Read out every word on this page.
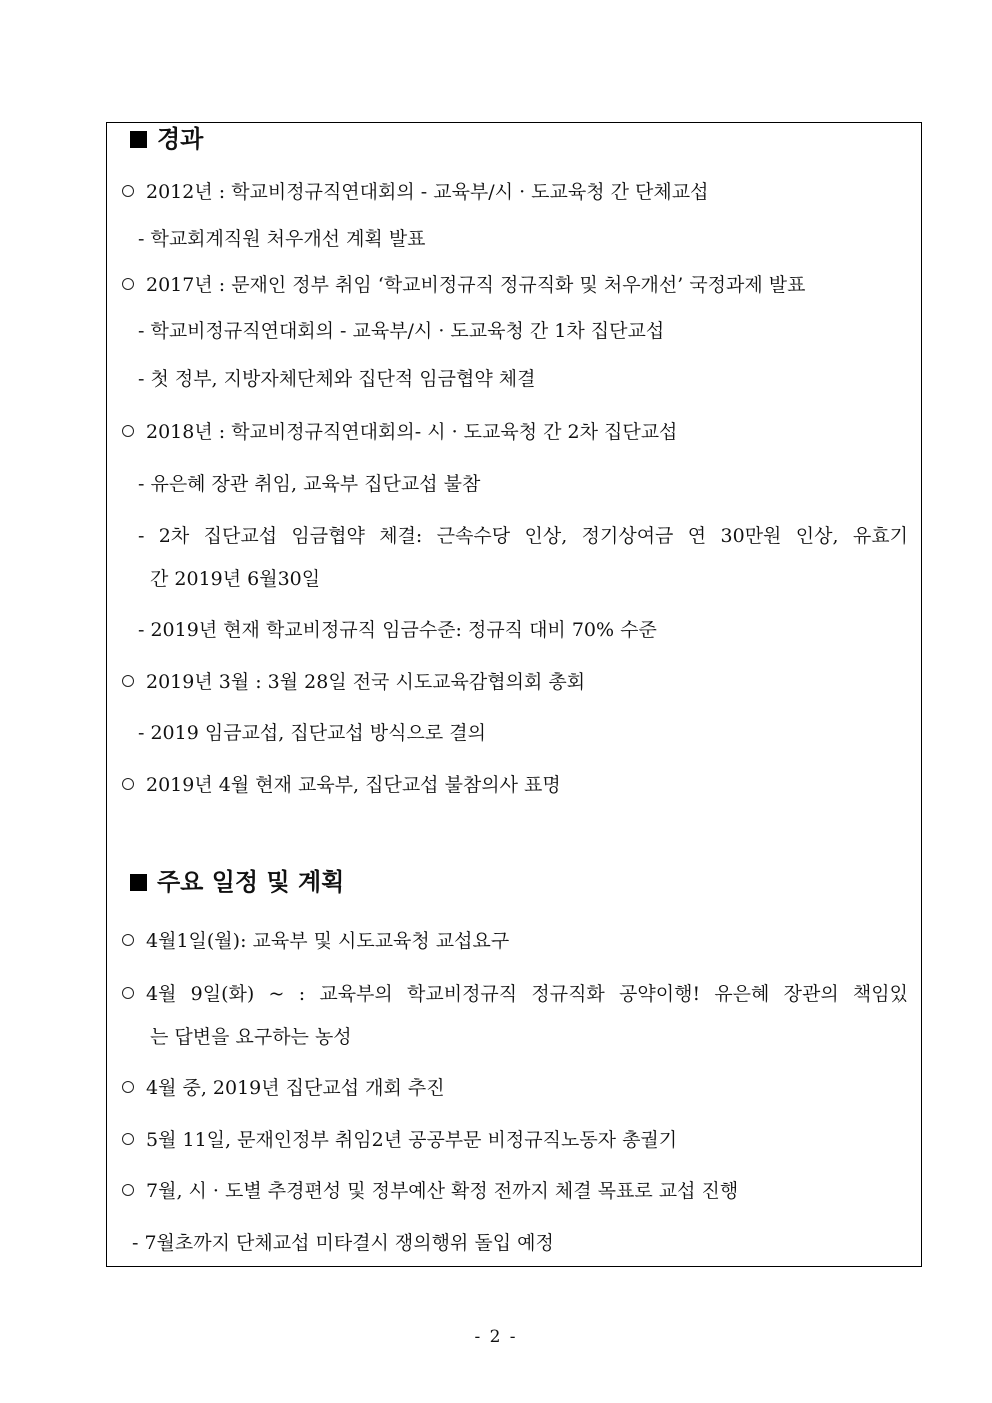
경과
2012년 : 학교비정규직연대회의 - 교육부/시 · 도교육청 간 단체교섭
- 학교회계직원 처우개선 계획 발표
2017년 : 문재인 정부 취임 ‘학교비정규직 정규직화 및 처우개선’ 국정과제 발표
- 학교비정규직연대회의 - 교육부/시 · 도교육청 간 1차 집단교섭
- 첫 정부, 지방자체단체와 집단적 임금협약 체결
2018년 : 학교비정규직연대회의- 시 · 도교육청 간 2차 집단교섭
- 유은혜 장관 취임, 교육부 집단교섭 불참
- 2차 집단교섭 임금협약 체결: 근속수당 인상, 정기상여금 연 30만원 인상, 유효기
간 2019년 6월30일
- 2019년 현재 학교비정규직 임금수준: 정규직 대비 70% 수준
2019년 3월 : 3월 28일 전국 시도교육감협의회 총회
- 2019 임금교섭, 집단교섭 방식으로 결의
2019년 4월 현재 교육부, 집단교섭 불참의사 표명
주요 일정 및 계획
4월1일(월): 교육부 및 시도교육청 교섭요구
4월 9일(화) ~ : 교육부의 학교비정규직 정규직화 공약이행! 유은혜 장관의 책임있
는 답변을 요구하는 농성
4월 중, 2019년 집단교섭 개회 추진
5월 11일, 문재인정부 취임2년 공공부문 비정규직노동자 총궐기
7월, 시 · 도별 추경편성 및 정부예산 확정 전까지 체결 목표로 교섭 진행
- 7월초까지 단체교섭 미타결시 쟁의행위 돌입 예정
- 2 -
